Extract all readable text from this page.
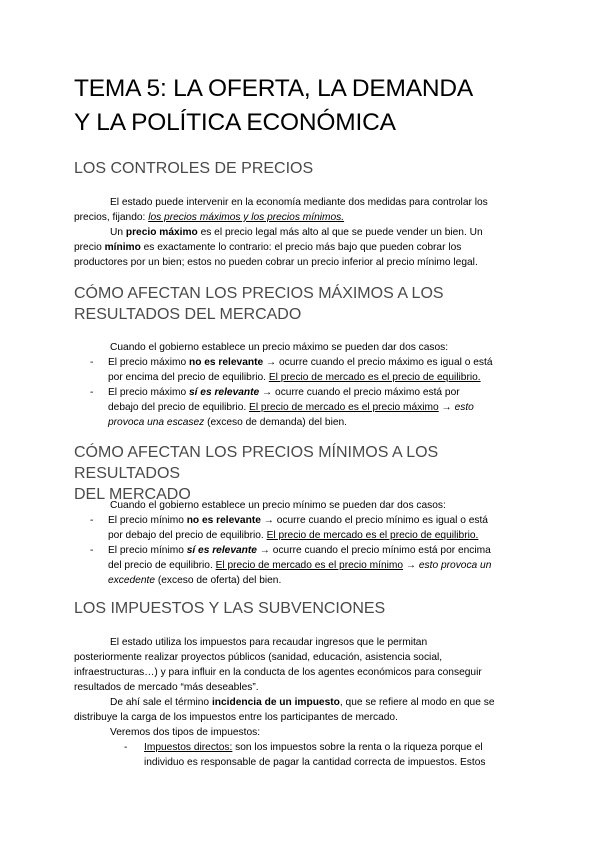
TEMA 5: LA OFERTA, LA DEMANDA
Y LA POLÍTICA ECONÓMICA
LOS CONTROLES DE PRECIOS

El estado puede intervenir en la economía mediante dos medidas para controlar los

precios, fijando: los precios máximos y los precios mínimos.

Un precio máximo es el precio legal más alto al que se puede vender un bien. Un

precio mínimo es exactamente lo contrario: el precio más bajo que pueden cobrar los

productores por un bien; estos no pueden cobrar un precio inferior al precio mínimo legal.

CÓMO AFECTAN LOS PRECIOS MÁXIMOS A LOS
RESULTADOS DEL MERCADO

Cuando el gobierno establece un precio máximo se pueden dar dos casos:

- El precio máximo no es relevante → ocurre cuando el precio máximo es igual o está
por encima del precio de equilibrio. El precio de mercado es el precio de equilibrio.
- El precio máximo sí es relevante → ocurre cuando el precio máximo está por
debajo del precio de equilibrio. El precio de mercado es el precio máximo → esto
provoca una escasez (exceso de demanda) del bien.
CÓMO AFECTAN LOS PRECIOS MÍNIMOS A LOS RESULTADOS
DEL MERCADO

Cuando el gobierno establece un precio mínimo se pueden dar dos casos:

- El precio mínimo no es relevante → ocurre cuando el precio mínimo es igual o está
por debajo del precio de equilibrio. El precio de mercado es el precio de equilibrio.
- El precio mínimo sí es relevante → ocurre cuando el precio mínimo está por encima
del precio de equilibrio. El precio de mercado es el precio mínimo → esto provoca un
excedente (exceso de oferta) del bien.
LOS IMPUESTOS Y LAS SUBVENCIONES

El estado utiliza los impuestos para recaudar ingresos que le permitan

posteriormente realizar proyectos públicos (sanidad, educación, asistencia social,

infraestructuras…) y para influir en la conducta de los agentes económicos para conseguir

resultados de mercado “más deseables”.

De ahí sale el término incidencia de un impuesto, que se refiere al modo en que se

distribuye la carga de los impuestos entre los participantes de mercado.

Veremos dos tipos de impuestos:

- Impuestos directos: son los impuestos sobre la renta o la riqueza porque el
individuo es responsable de pagar la cantidad correcta de impuestos. Estos
